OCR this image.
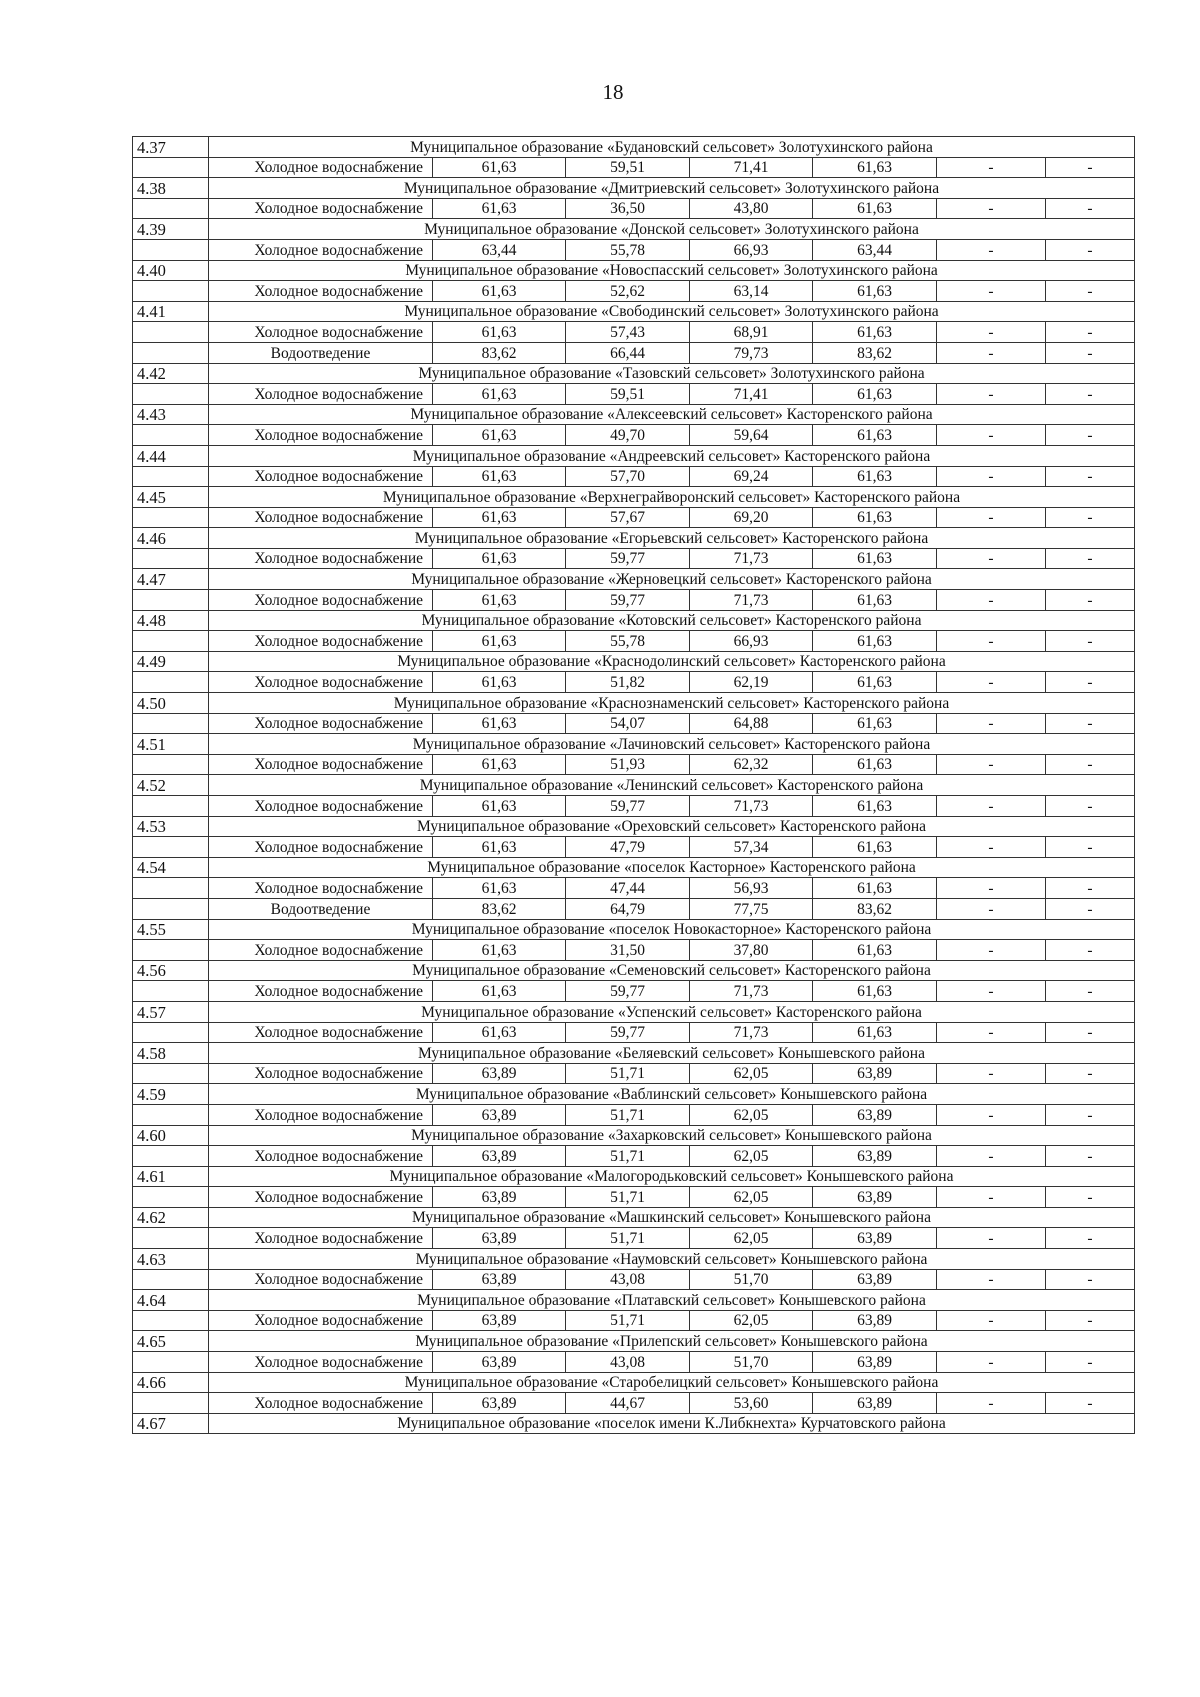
18
4.37	Муниципальное образование «Будановский сельсовет» Золотухинского района						
	Холодное водоснабжение	61,63	59,51	71,41	61,63	-	-
4.38	Муниципальное образование «Дмитриевский сельсовет» Золотухинского района						
	Холодное водоснабжение	61,63	36,50	43,80	61,63	-	-
4.39	Муниципальное образование «Донской сельсовет» Золотухинского района						
	Холодное водоснабжение	63,44	55,78	66,93	63,44	-	-
4.40	Муниципальное образование «Новоспасский сельсовет» Золотухинского района						
	Холодное водоснабжение	61,63	52,62	63,14	61,63	-	-
4.41	Муниципальное образование «Свободинский сельсовет» Золотухинского района						
	Холодное водоснабжение	61,63	57,43	68,91	61,63	-	-
	Водоотведение	83,62	66,44	79,73	83,62	-	-
4.42	Муниципальное образование «Тазовский сельсовет» Золотухинского района						
	Холодное водоснабжение	61,63	59,51	71,41	61,63	-	-
4.43	Муниципальное образование «Алексеевский сельсовет» Касторенского района						
	Холодное водоснабжение	61,63	49,70	59,64	61,63	-	-
4.44	Муниципальное образование «Андреевский сельсовет» Касторенского района						
	Холодное водоснабжение	61,63	57,70	69,24	61,63	-	-
4.45	Муниципальное образование «Верхнеграйворонский сельсовет» Касторенского района						
	Холодное водоснабжение	61,63	57,67	69,20	61,63	-	-
4.46	Муниципальное образование «Егорьевский сельсовет» Касторенского района						
	Холодное водоснабжение	61,63	59,77	71,73	61,63	-	-
4.47	Муниципальное образование «Жерновецкий сельсовет» Касторенского района						
	Холодное водоснабжение	61,63	59,77	71,73	61,63	-	-
4.48	Муниципальное образование «Котовский сельсовет» Касторенского района						
	Холодное водоснабжение	61,63	55,78	66,93	61,63	-	-
4.49	Муниципальное образование «Краснодолинский сельсовет» Касторенского района						
	Холодное водоснабжение	61,63	51,82	62,19	61,63	-	-
4.50	Муниципальное образование «Краснознаменский сельсовет» Касторенского района						
	Холодное водоснабжение	61,63	54,07	64,88	61,63	-	-
4.51	Муниципальное образование «Лачиновский сельсовет» Касторенского района						
	Холодное водоснабжение	61,63	51,93	62,32	61,63	-	-
4.52	Муниципальное образование «Ленинский сельсовет» Касторенского района						
	Холодное водоснабжение	61,63	59,77	71,73	61,63	-	-
4.53	Муниципальное образование «Ореховский сельсовет» Касторенского района						
	Холодное водоснабжение	61,63	47,79	57,34	61,63	-	-
4.54	Муниципальное образование «поселок Касторное» Касторенского района						
	Холодное водоснабжение	61,63	47,44	56,93	61,63	-	-
	Водоотведение	83,62	64,79	77,75	83,62	-	-
4.55	Муниципальное образование «поселок Новокасторное» Касторенского района						
	Холодное водоснабжение	61,63	31,50	37,80	61,63	-	-
4.56	Муниципальное образование «Семеновский сельсовет» Касторенского района						
	Холодное водоснабжение	61,63	59,77	71,73	61,63	-	-
4.57	Муниципальное образование «Успенский сельсовет» Касторенского района						
	Холодное водоснабжение	61,63	59,77	71,73	61,63	-	-
4.58	Муниципальное образование «Беляевский сельсовет» Конышевского района						
	Холодное водоснабжение	63,89	51,71	62,05	63,89	-	-
4.59	Муниципальное образование «Ваблинский сельсовет» Конышевского района						
	Холодное водоснабжение	63,89	51,71	62,05	63,89	-	-
4.60	Муниципальное образование «Захарковский сельсовет» Конышевского района						
	Холодное водоснабжение	63,89	51,71	62,05	63,89	-	-
4.61	Муниципальное образование «Малогородьковский сельсовет» Конышевского района						
	Холодное водоснабжение	63,89	51,71	62,05	63,89	-	-
4.62	Муниципальное образование «Машкинский сельсовет» Конышевского района						
	Холодное водоснабжение	63,89	51,71	62,05	63,89	-	-
4.63	Муниципальное образование «Наумовский сельсовет» Конышевского района						
	Холодное водоснабжение	63,89	43,08	51,70	63,89	-	-
4.64	Муниципальное образование «Платавский сельсовет» Конышевского района						
	Холодное водоснабжение	63,89	51,71	62,05	63,89	-	-
4.65	Муниципальное образование «Прилепский сельсовет» Конышевского района						
	Холодное водоснабжение	63,89	43,08	51,70	63,89	-	-
4.66	Муниципальное образование «Старобелицкий сельсовет» Конышевского района						
	Холодное водоснабжение	63,89	44,67	53,60	63,89	-	-
4.67	Муниципальное образование «поселок имени К.Либкнехта» Курчатовского района						
